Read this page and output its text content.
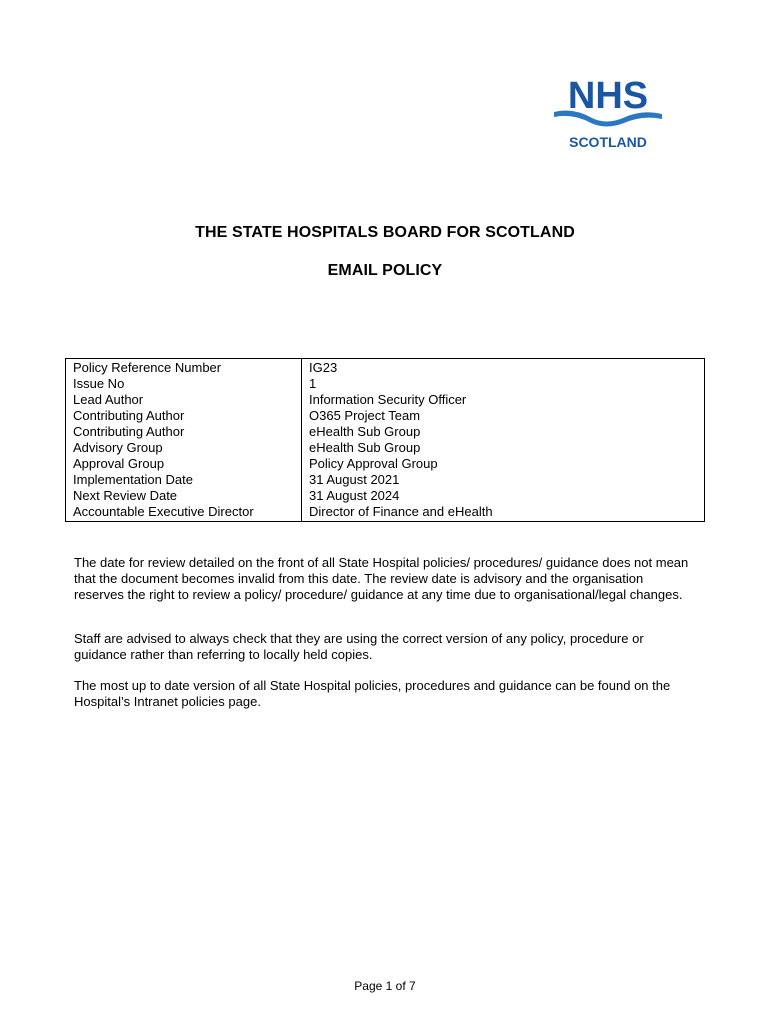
NHS
SCOTLAND
THE STATE HOSPITALS BOARD FOR SCOTLAND
EMAIL POLICY
Policy Reference Number	IG23
Issue No	1
Lead Author	Information Security Officer
Contributing Author	O365 Project Team
Contributing Author	eHealth Sub Group
Advisory Group	eHealth Sub Group
Approval Group	Policy Approval Group
Implementation Date	31 August 2021
Next Review Date	31 August 2024
Accountable Executive Director	Director of Finance and eHealth

The date for review detailed on the front of all State Hospital policies/ procedures/ guidance does not mean that the document becomes invalid from this date. The review date is advisory and the organisation reserves the right to review a policy/ procedure/ guidance at any time due to organisational/legal changes.

Staff are advised to always check that they are using the correct version of any policy, procedure or guidance rather than referring to locally held copies.

The most up to date version of all State Hospital policies, procedures and guidance can be found on the Hospital’s Intranet policies page.

Page 1 of 7
